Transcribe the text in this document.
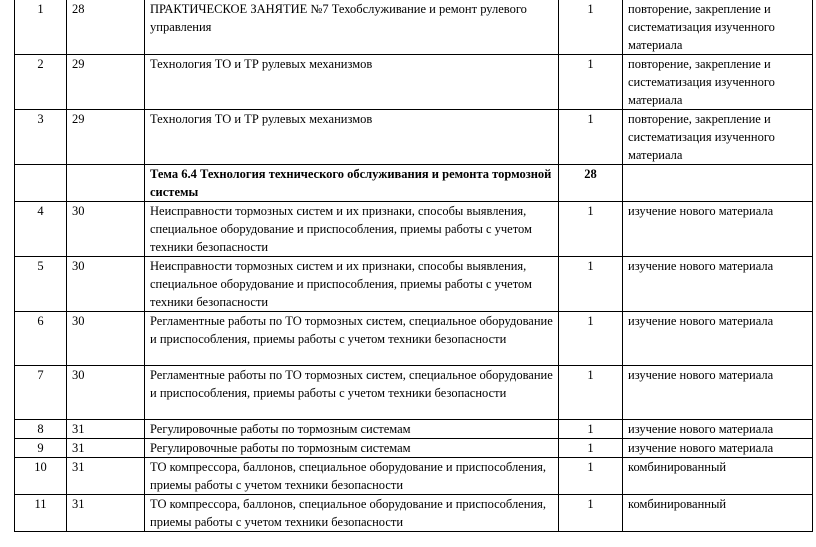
1	28	ПРАКТИЧЕСКОЕ ЗАНЯТИЕ №7 Техобслуживание и ремонт рулевого управления	1	повторение, закрепление и систематизация изученного материала
2	29	Технология ТО и ТР рулевых механизмов	1	повторение, закрепление и систематизация изученного материала
3	29	Технология ТО и ТР рулевых механизмов	1	повторение, закрепление и систематизация изученного материала
		Тема 6.4 Технология технического обслуживания и ремонта тормозной системы	28	
4	30	Неисправности тормозных систем и их признаки, способы выявления, специальное оборудование и приспособления, приемы работы с учетом техники безопасности	1	изучение нового материала
5	30	Неисправности тормозных систем и их признаки, способы выявления, специальное оборудование и приспособления, приемы работы с учетом техники безопасности	1	изучение нового материала
6	30	Регламентные работы по ТО тормозных систем, специальное оборудование и приспособления, приемы работы с учетом техники безопасности	1	изучение нового материала
7	30	Регламентные работы по ТО тормозных систем, специальное оборудование и приспособления, приемы работы с учетом техники безопасности	1	изучение нового материала
8	31	Регулировочные работы по тормозным системам	1	изучение нового материала
9	31	Регулировочные работы по тормозным системам	1	изучение нового материала
10	31	ТО компрессора, баллонов, специальное оборудование и приспособления, приемы работы с учетом техники безопасности	1	комбинированный
11	31	ТО компрессора, баллонов, специальное оборудование и приспособления, приемы работы с учетом техники безопасности	1	комбинированный
